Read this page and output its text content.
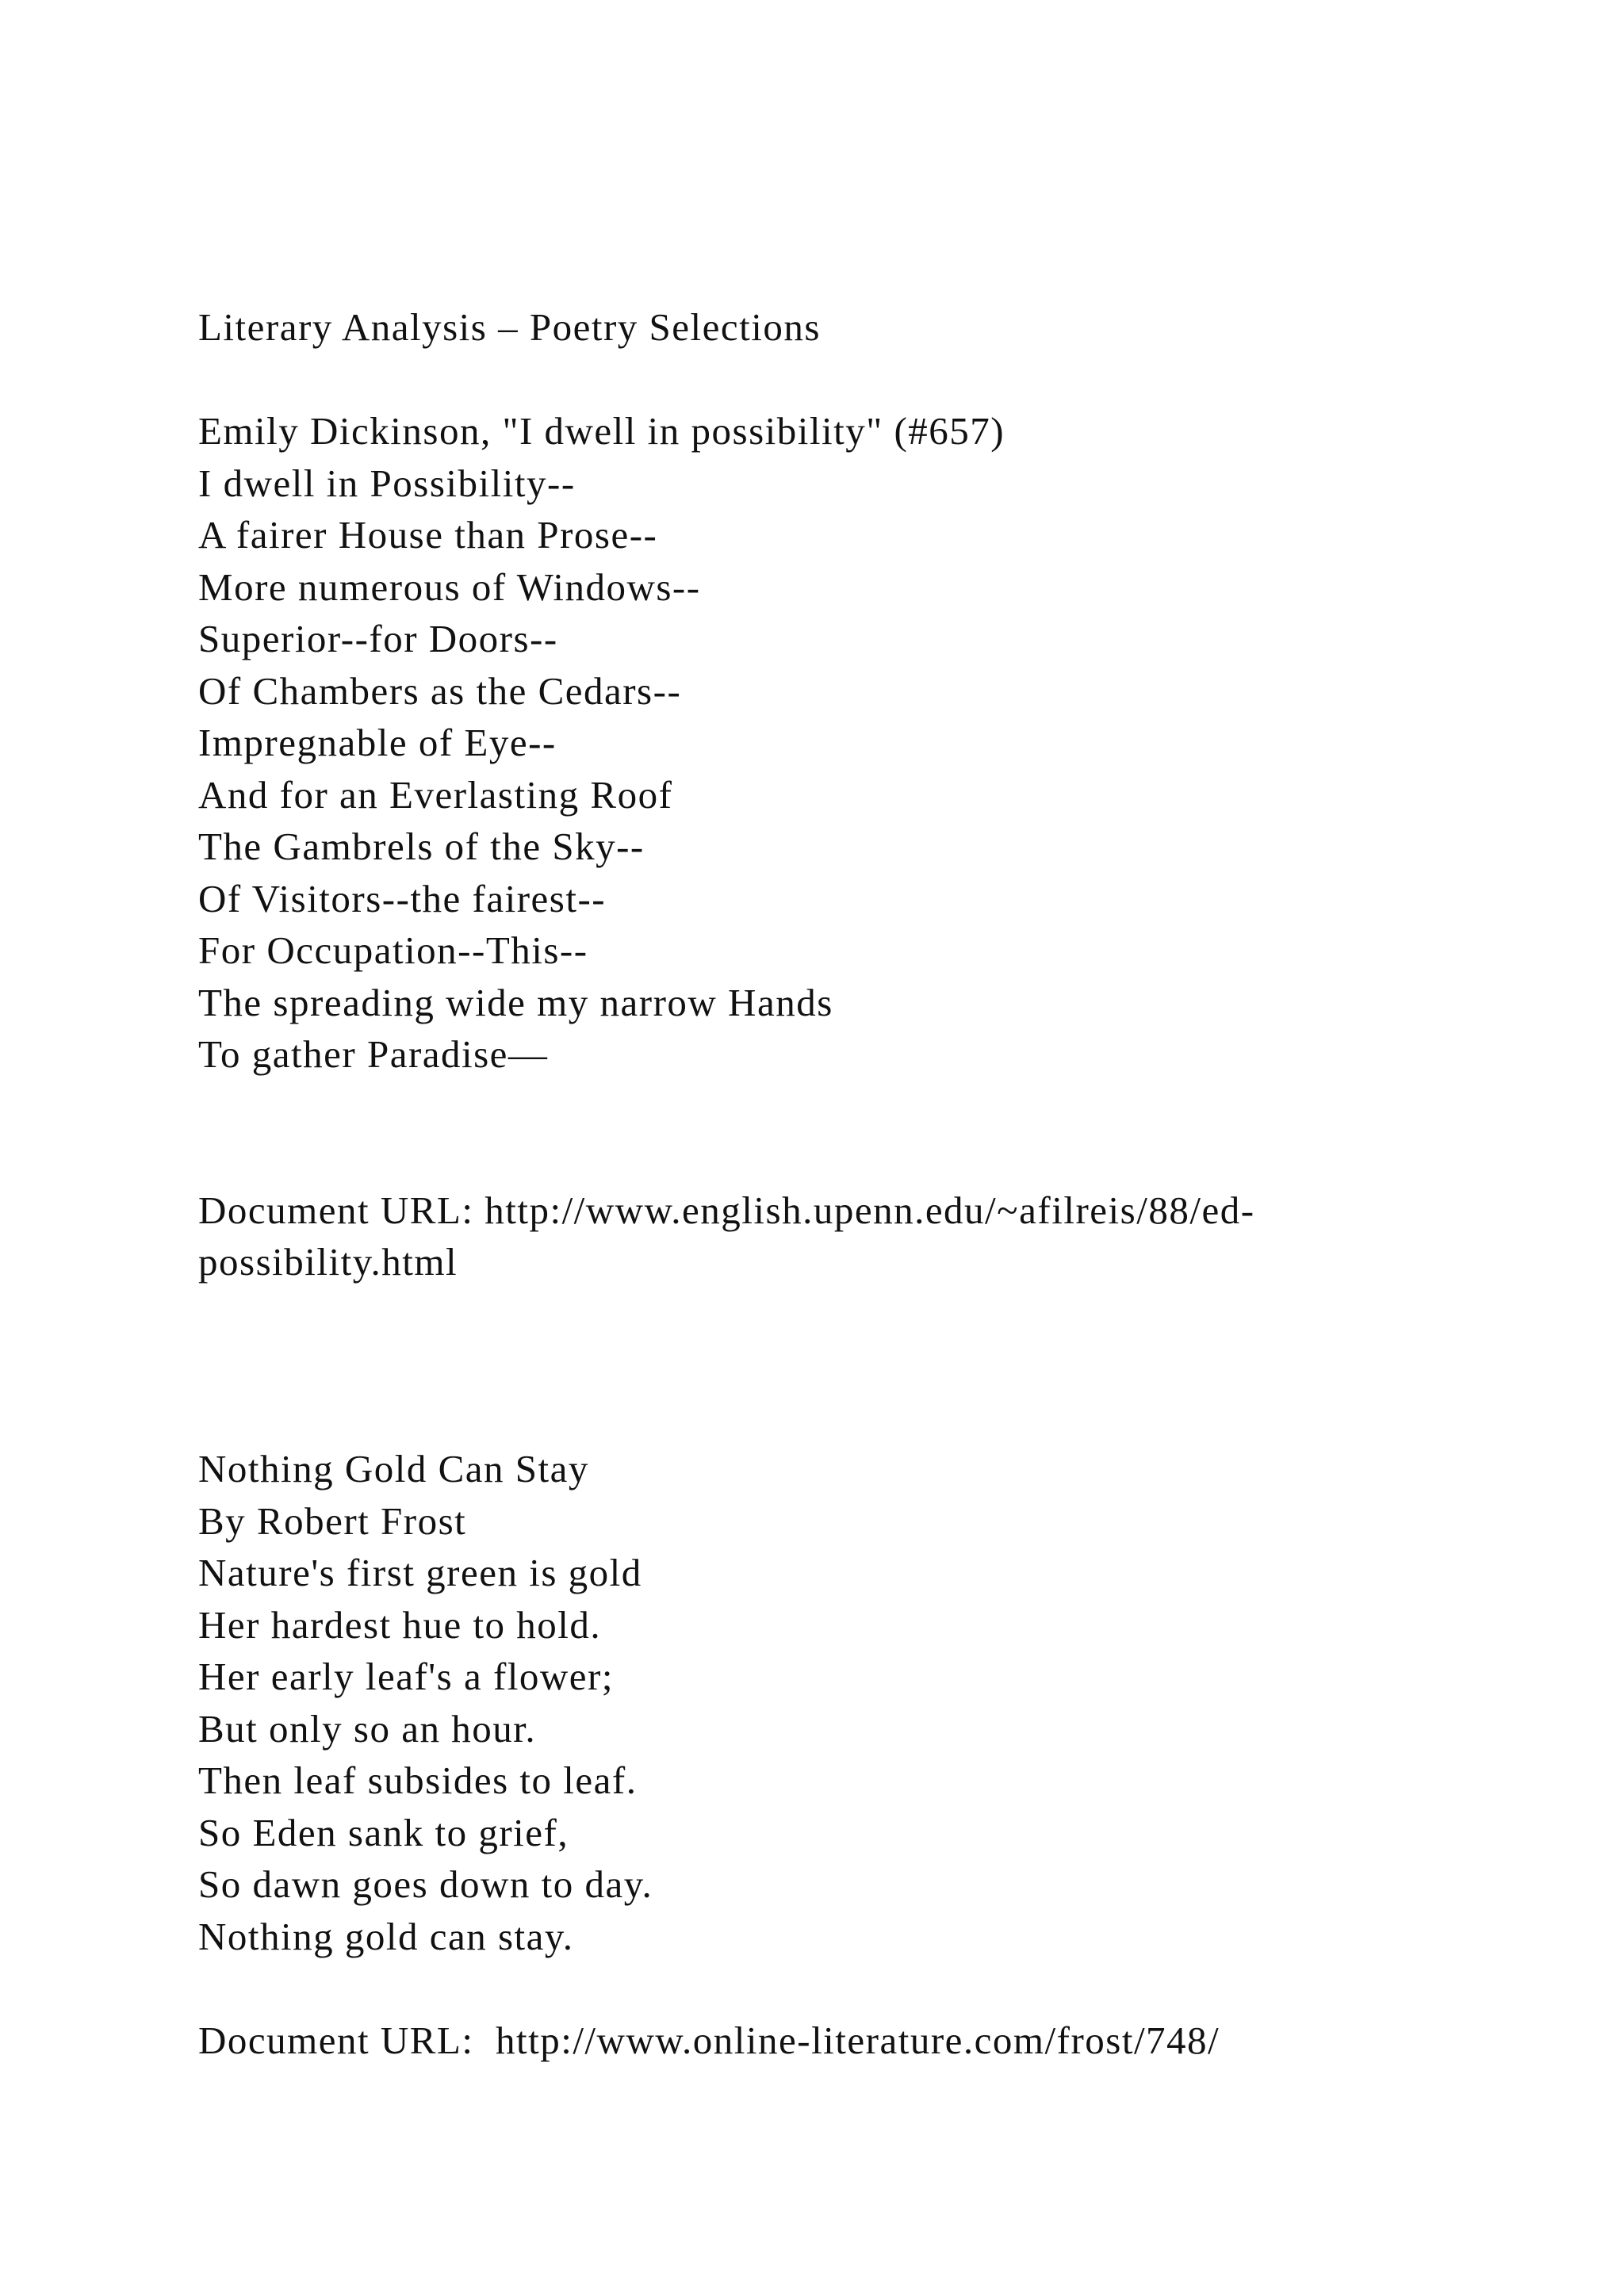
Literary Analysis – Poetry Selections
Emily Dickinson, "I dwell in possibility" (#657)
I dwell in Possibility--
A fairer House than Prose--
More numerous of Windows--
Superior--for Doors--
Of Chambers as the Cedars--
Impregnable of Eye--
And for an Everlasting Roof
The Gambrels of the Sky--
Of Visitors--the fairest--
For Occupation--This--
The spreading wide my narrow Hands
To gather Paradise—
Document URL: http://www.english.upenn.edu/~afilreis/88/ed-
possibility.html
Nothing Gold Can Stay
By Robert Frost
Nature's first green is gold
Her hardest hue to hold.
Her early leaf's a flower;
But only so an hour.
Then leaf subsides to leaf.
So Eden sank to grief,
So dawn goes down to day.
Nothing gold can stay.
Document URL:  http://www.online-literature.com/frost/748/
